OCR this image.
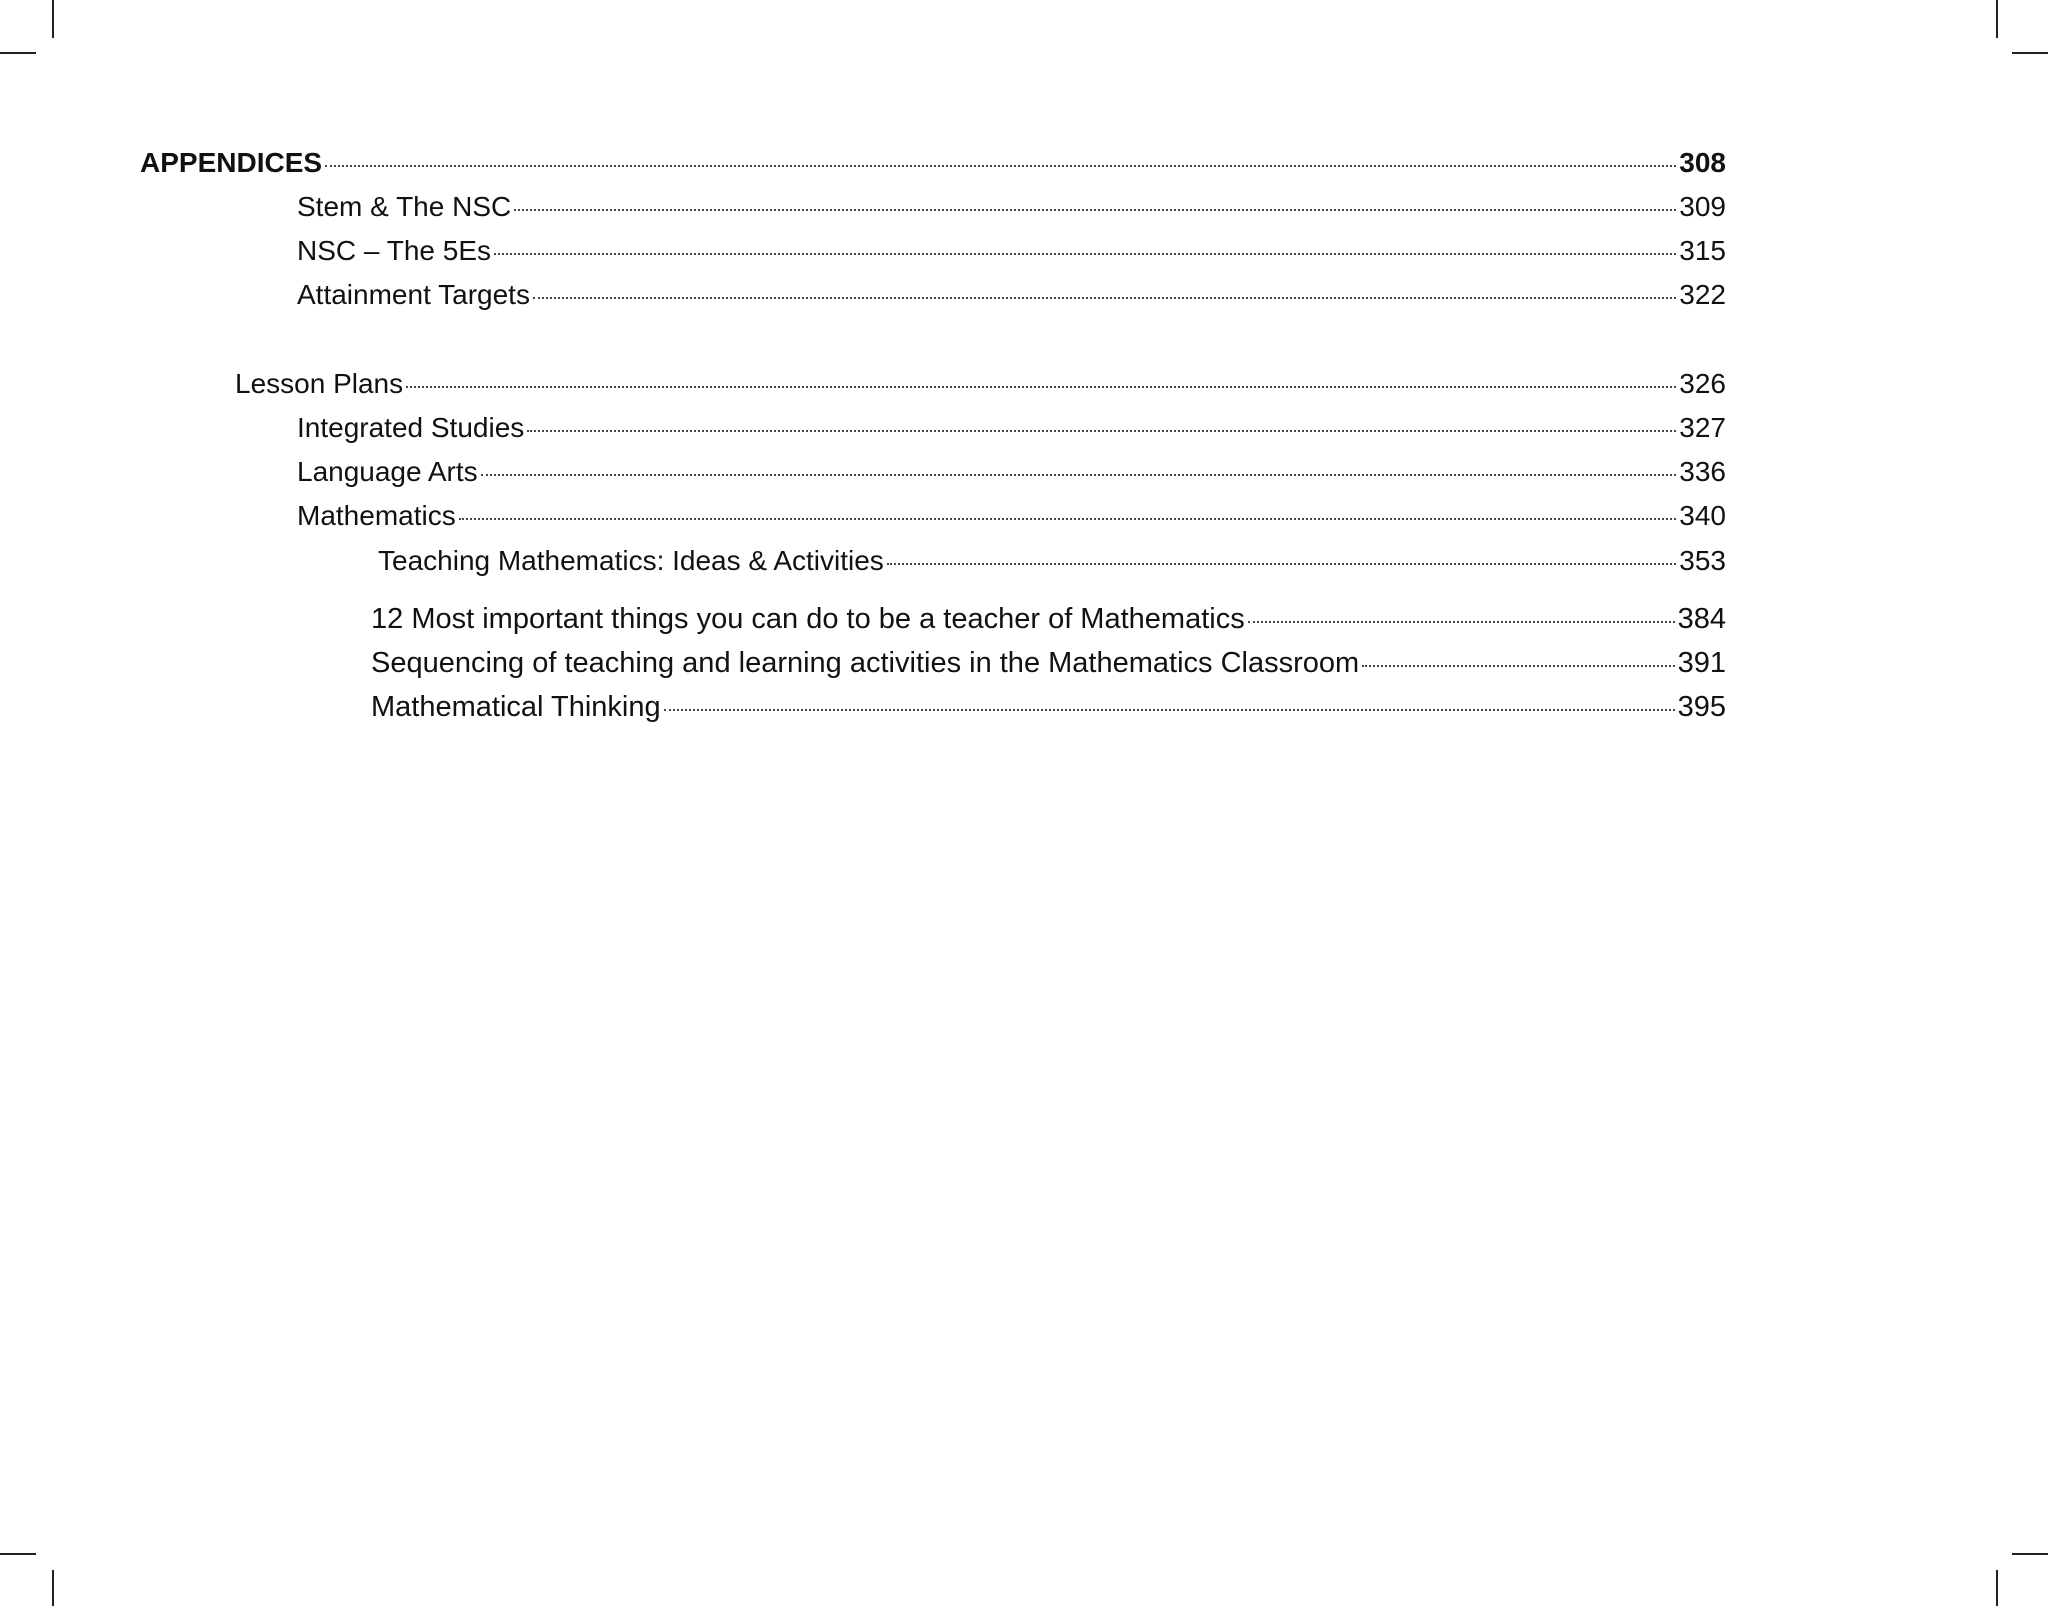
APPENDICES	308
Stem & The NSC	309
NSC – The 5Es	315
Attainment Targets	322
Lesson Plans	326
Integrated Studies	327
Language Arts	336
Mathematics	340
Teaching Mathematics: Ideas & Activities	353
12 Most important things you can do to be a teacher of Mathematics	384
Sequencing of teaching and learning activities in the Mathematics Classroom	391
Mathematical Thinking	395
